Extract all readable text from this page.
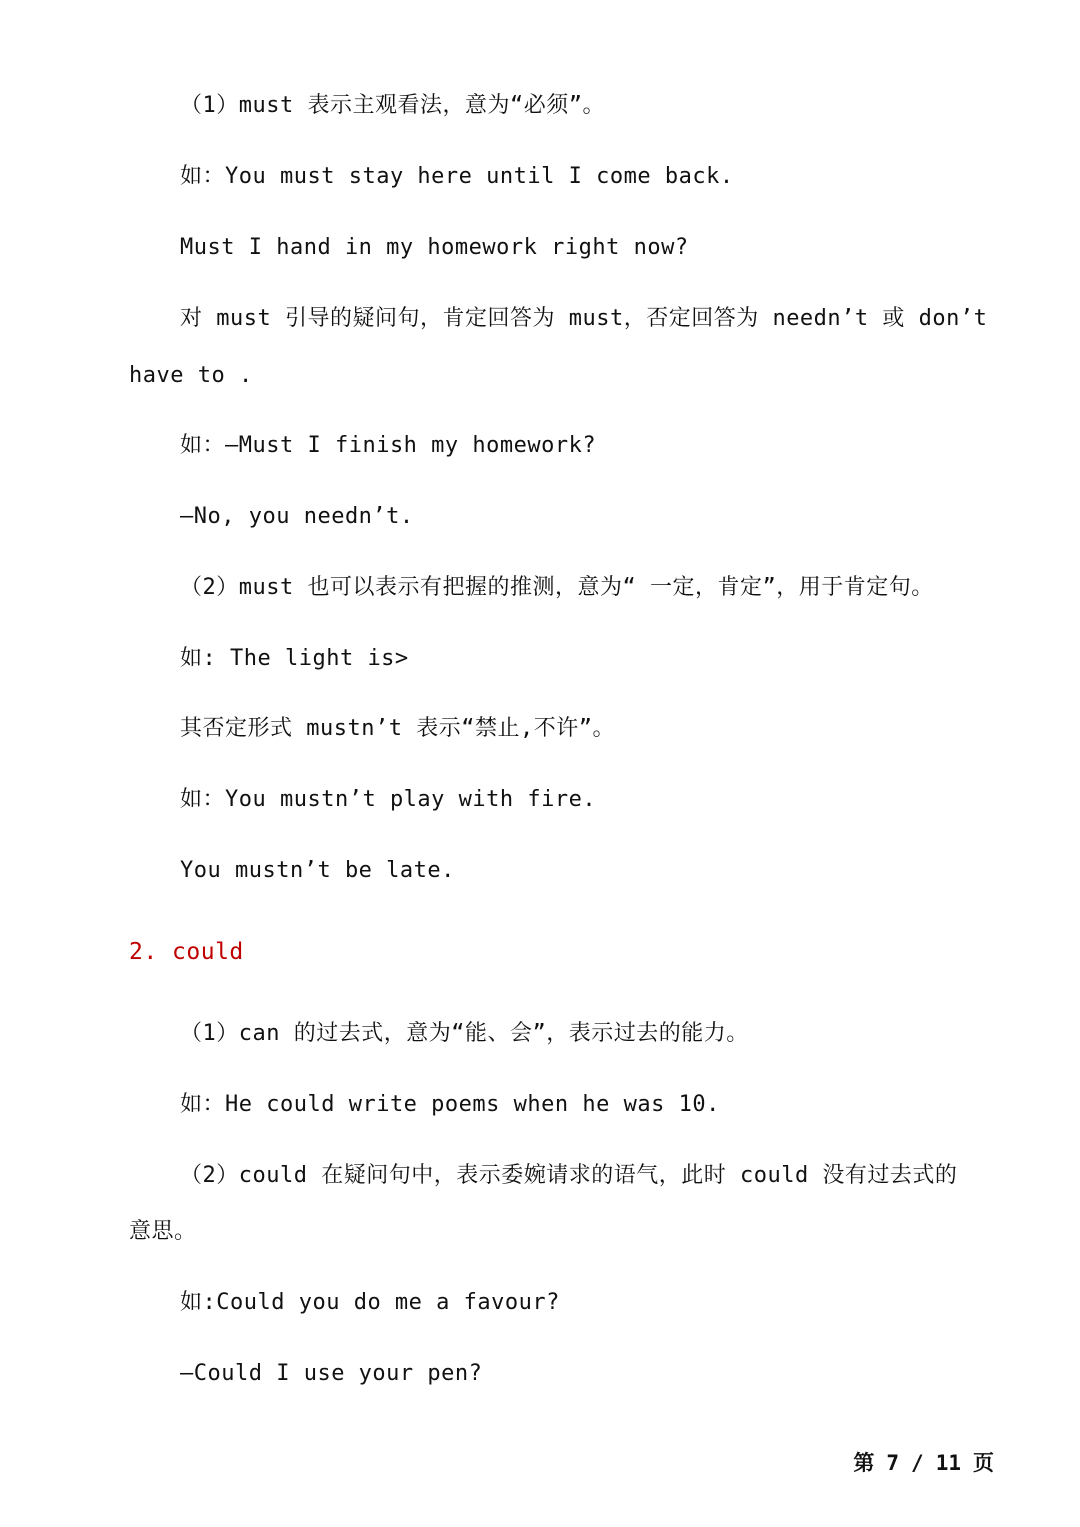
（1）must 表示主观看法，意为“必须”。
如：You must stay here until I come back.
Must I hand in my homework right now?
对 must 引导的疑问句，肯定回答为 must，否定回答为 needn’t 或 don’t
have to .
如：—Must I finish my homework?
—No, you needn’t.
（2）must 也可以表示有把握的推测，意为“ 一定，肯定”，用于肯定句。
如: The light is>
其否定形式 mustn’t 表示“禁止,不许”。
如：You mustn’t play with fire.
You mustn’t be late.
2. could
（1）can 的过去式，意为“能、会”，表示过去的能力。
如：He could write poems when he was 10.
（2）could 在疑问句中，表示委婉请求的语气，此时 could 没有过去式的
意思。
如:Could you do me a favour?
—Could I use your pen?
第 7 / 11 页
